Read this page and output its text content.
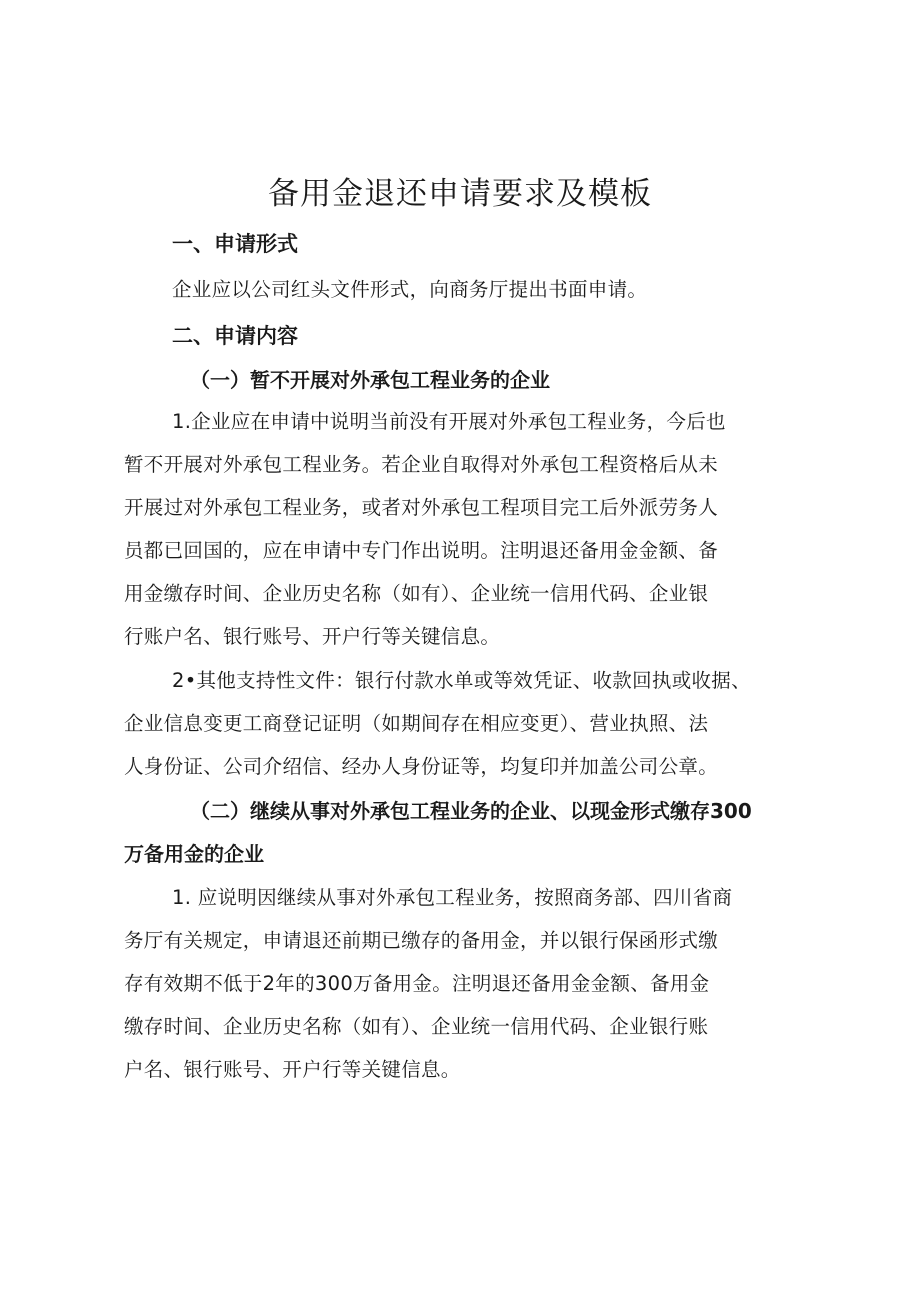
备用金退还申请要求及模板
一、申请形式
企业应以公司红头文件形式，向商务厅提出书面申请。
二、申请内容
（一）暂不开展对外承包工程业务的企业
1.企业应在申请中说明当前没有开展对外承包工程业务，今后也
暂不开展对外承包工程业务。若企业自取得对外承包工程资格后从未
开展过对外承包工程业务，或者对外承包工程项目完工后外派劳务人
员都已回国的，应在申请中专门作出说明。注明退还备用金金额、备
用金缴存时间、企业历史名称（如有）、企业统一信用代码、企业银
行账户名、银行账号、开户行等关键信息。
2•其他支持性文件：银行付款水单或等效凭证、收款回执或收据、
企业信息变更工商登记证明（如期间存在相应变更）、营业执照、法
人身份证、公司介绍信、经办人身份证等，均复印并加盖公司公章。
（二）继续从事对外承包工程业务的企业、以现金形式缴存300
万备用金的企业
1. 应说明因继续从事对外承包工程业务，按照商务部、四川省商
务厅有关规定，申请退还前期已缴存的备用金，并以银行保函形式缴
存有效期不低于2年的300万备用金。注明退还备用金金额、备用金
缴存时间、企业历史名称（如有）、企业统一信用代码、企业银行账
户名、银行账号、开户行等关键信息。
